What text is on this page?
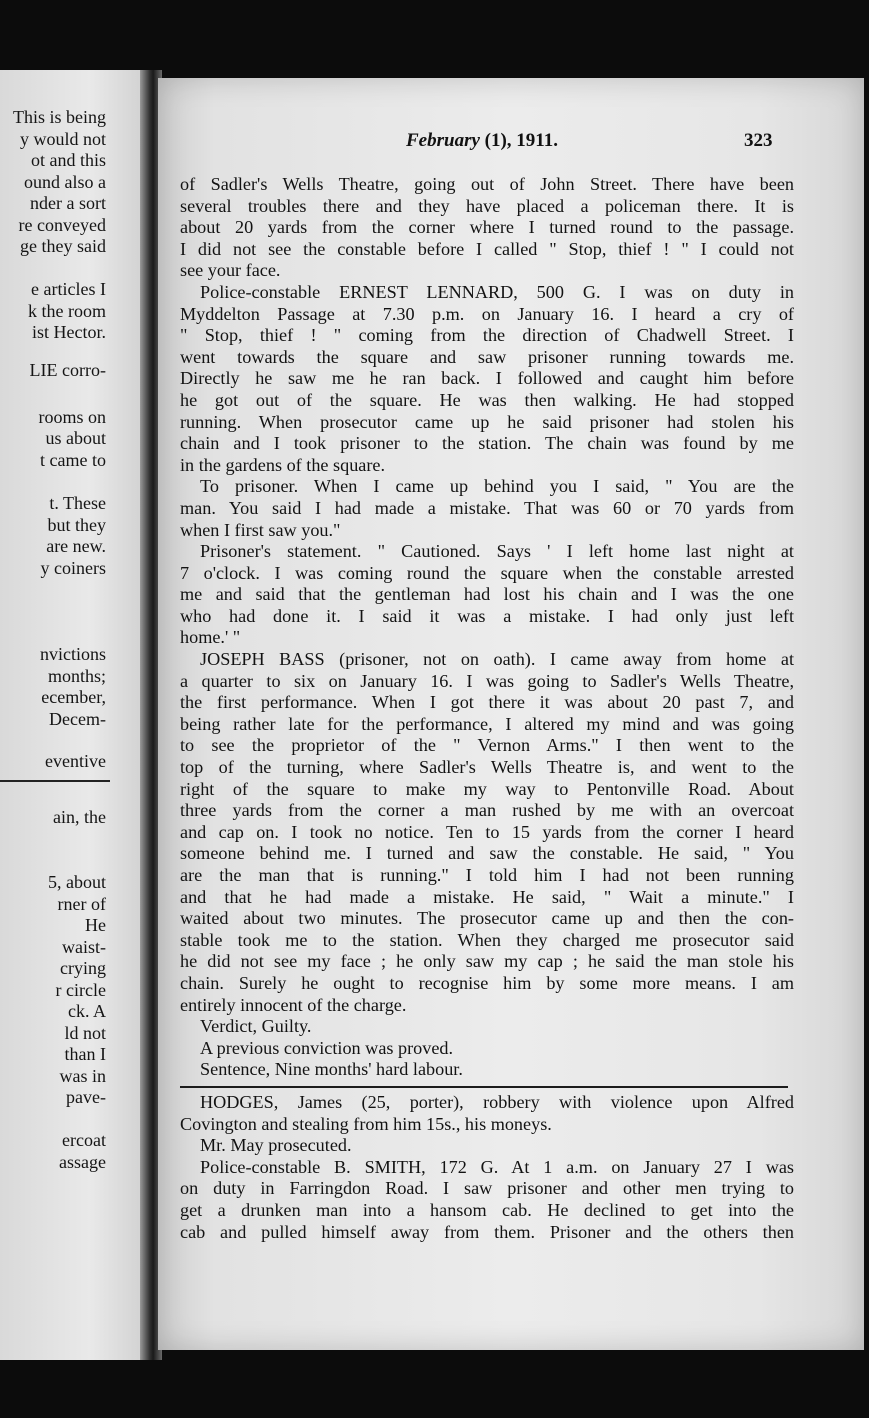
This is being
y would not
ot and this
ound also a
nder a sort
re conveyed
ge they said
e articles I
k the room
ist Hector.
LIE corro-
rooms on
us about
t came to
t. These
but they
are new.
y coiners
nvictions
months;
ecember,
Decem-
eventive
ain, the
5, about
rner of
He
waist-
crying
r circle
ck. A
ld not
than I
was in
pave-
ercoat
assage
February (1), 1911.	323
of Sadler's Wells Theatre, going out of John Street. There have been
several troubles there and they have placed a policeman there. It is
about 20 yards from the corner where I turned round to the passage.
I did not see the constable before I called " Stop, thief ! " I could not
see your face.
Police-constable ERNEST LENNARD, 500 G. I was on duty in
Myddelton Passage at 7.30 p.m. on January 16. I heard a cry of
" Stop, thief ! " coming from the direction of Chadwell Street. I
went towards the square and saw prisoner running towards me.
Directly he saw me he ran back. I followed and caught him before
he got out of the square. He was then walking. He had stopped
running. When prosecutor came up he said prisoner had stolen his
chain and I took prisoner to the station. The chain was found by me
in the gardens of the square.
To prisoner. When I came up behind you I said, " You are the
man. You said I had made a mistake. That was 60 or 70 yards from
when I first saw you."
Prisoner's statement. " Cautioned. Says ' I left home last night at
7 o'clock. I was coming round the square when the constable arrested
me and said that the gentleman had lost his chain and I was the one
who had done it. I said it was a mistake. I had only just left
home.' "
JOSEPH BASS (prisoner, not on oath). I came away from home at
a quarter to six on January 16. I was going to Sadler's Wells Theatre,
the first performance. When I got there it was about 20 past 7, and
being rather late for the performance, I altered my mind and was going
to see the proprietor of the " Vernon Arms." I then went to the
top of the turning, where Sadler's Wells Theatre is, and went to the
right of the square to make my way to Pentonville Road. About
three yards from the corner a man rushed by me with an overcoat
and cap on. I took no notice. Ten to 15 yards from the corner I heard
someone behind me. I turned and saw the constable. He said, " You
are the man that is running." I told him I had not been running
and that he had made a mistake. He said, " Wait a minute." I
waited about two minutes. The prosecutor came up and then the con-
stable took me to the station. When they charged me prosecutor said
he did not see my face ; he only saw my cap ; he said the man stole his
chain. Surely he ought to recognise him by some more means. I am
entirely innocent of the charge.
Verdict, Guilty.
A previous conviction was proved.
Sentence, Nine months' hard labour.
HODGES, James (25, porter), robbery with violence upon Alfred
Covington and stealing from him 15s., his moneys.
Mr. May prosecuted.
Police-constable B. SMITH, 172 G. At 1 a.m. on January 27 I was
on duty in Farringdon Road. I saw prisoner and other men trying to
get a drunken man into a hansom cab. He declined to get into the
cab and pulled himself away from them. Prisoner and the others then
